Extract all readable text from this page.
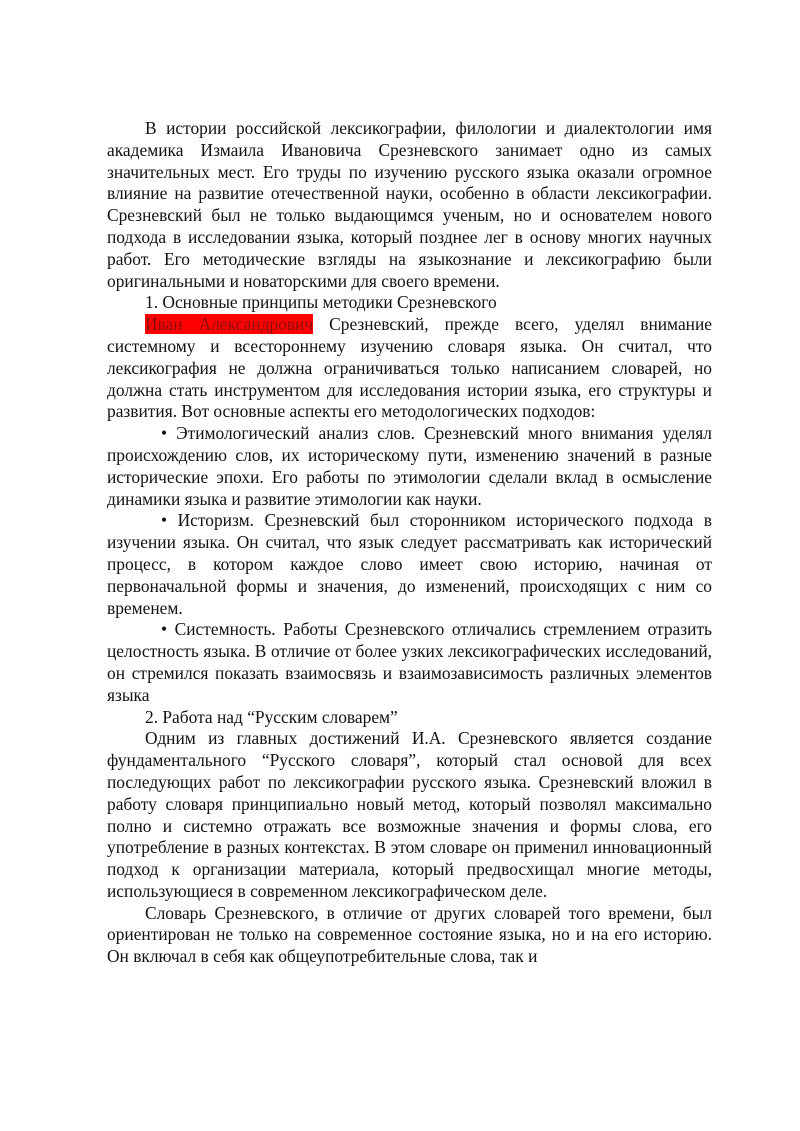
В истории российской лексикографии, филологии и диалектологии имя академика Измаила Ивановича Срезневского занимает одно из самых значительных мест. Его труды по изучению русского языка оказали огромное влияние на развитие отечественной науки, особенно в области лексикографии. Срезневский был не только выдающимся ученым, но и основателем нового подхода в исследовании языка, который позднее лег в основу многих научных работ. Его методические взгляды на языкознание и лексикографию были оригинальными и новаторскими для своего времени.

1. Основные принципы методики Срезневского

Иван Александрович Срезневский, прежде всего, уделял внимание системному и всестороннему изучению словаря языка. Он считал, что лексикография не должна ограничиваться только написанием словарей, но должна стать инструментом для исследования истории языка, его структуры и развития. Вот основные аспекты его методологических подходов:

• Этимологический анализ слов. Срезневский много внимания уделял происхождению слов, их историческому пути, изменению значений в разные исторические эпохи. Его работы по этимологии сделали вклад в осмысление динамики языка и развитие этимологии как науки.

• Историзм. Срезневский был сторонником исторического подхода в изучении языка. Он считал, что язык следует рассматривать как исторический процесс, в котором каждое слово имеет свою историю, начиная от первоначальной формы и значения, до изменений, происходящих с ним со временем.

• Системность. Работы Срезневского отличались стремлением отразить целостность языка. В отличие от более узких лексикографических исследований, он стремился показать взаимосвязь и взаимозависимость различных элементов языка

2. Работа над “Русским словарем”

Одним из главных достижений И.А. Срезневского является создание фундаментального “Русского словаря”, который стал основой для всех последующих работ по лексикографии русского языка. Срезневский вложил в работу словаря принципиально новый метод, который позволял максимально полно и системно отражать все возможные значения и формы слова, его употребление в разных контекстах. В этом словаре он применил инновационный подход к организации материала, который предвосхищал многие методы, использующиеся в современном лексикографическом деле.

Словарь Срезневского, в отличие от других словарей того времени, был ориентирован не только на современное состояние языка, но и на его историю. Он включал в себя как общеупотребительные слова, так и
